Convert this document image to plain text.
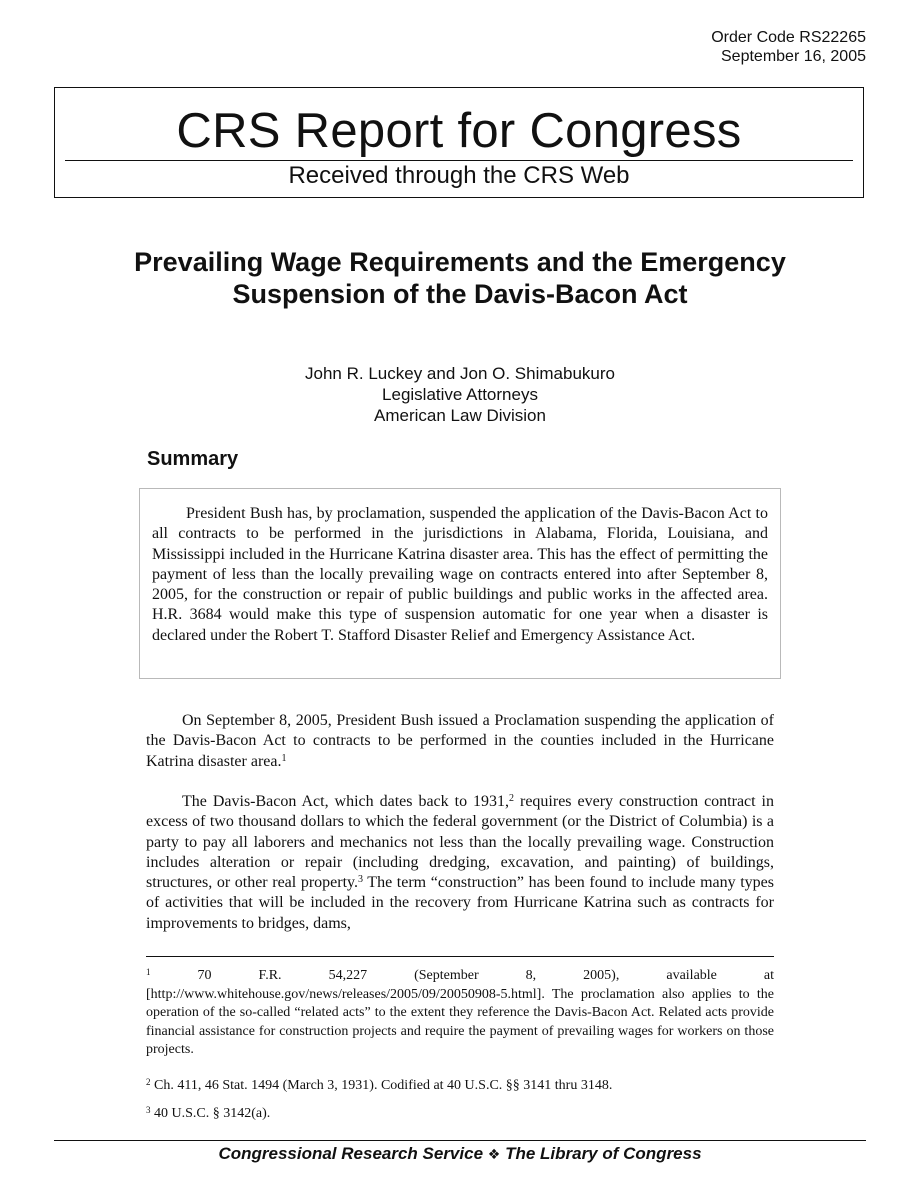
Order Code RS22265
September 16, 2005
CRS Report for Congress
Received through the CRS Web
Prevailing Wage Requirements and the Emergency Suspension of the Davis-Bacon Act
John R. Luckey and Jon O. Shimabukuro
Legislative Attorneys
American Law Division
Summary

President Bush has, by proclamation, suspended the application of the Davis-Bacon Act to all contracts to be performed in the jurisdictions in Alabama, Florida, Louisiana, and Mississippi included in the Hurricane Katrina disaster area. This has the effect of permitting the payment of less than the locally prevailing wage on contracts entered into after September 8, 2005, for the construction or repair of public buildings and public works in the affected area. H.R. 3684 would make this type of suspension automatic for one year when a disaster is declared under the Robert T. Stafford Disaster Relief and Emergency Assistance Act.

On September 8, 2005, President Bush issued a Proclamation suspending the application of the Davis-Bacon Act to contracts to be performed in the counties included in the Hurricane Katrina disaster area.$^1$

The Davis-Bacon Act, which dates back to 1931,$^2$ requires every construction contract in excess of two thousand dollars to which the federal government (or the District of Columbia) is a party to pay all laborers and mechanics not less than the locally prevailing wage. Construction includes alteration or repair (including dredging, excavation, and painting) of buildings, structures, or other real property.$^3$ The term “construction” has been found to include many types of activities that will be included in the recovery from Hurricane Katrina such as contracts for improvements to bridges, dams,

$^1$	70 F.R. 54,227 (September 8, 2005), available at [http://www.whitehouse.gov/news/releases/2005/09/20050908-5.html]. The proclamation also applies to the operation of the so-called “related acts” to the extent they reference the Davis-Bacon Act. Related acts provide financial assistance for construction projects and require the payment of prevailing wages for workers on those projects.

$^2$ Ch. 411, 46 Stat. 1494 (March 3, 1931). Codified at 40 U.S.C. §§ 3141 thru 3148.

$^3$ 40 U.S.C. § 3142(a).

Congressional Research Service ❖ The Library of Congress
